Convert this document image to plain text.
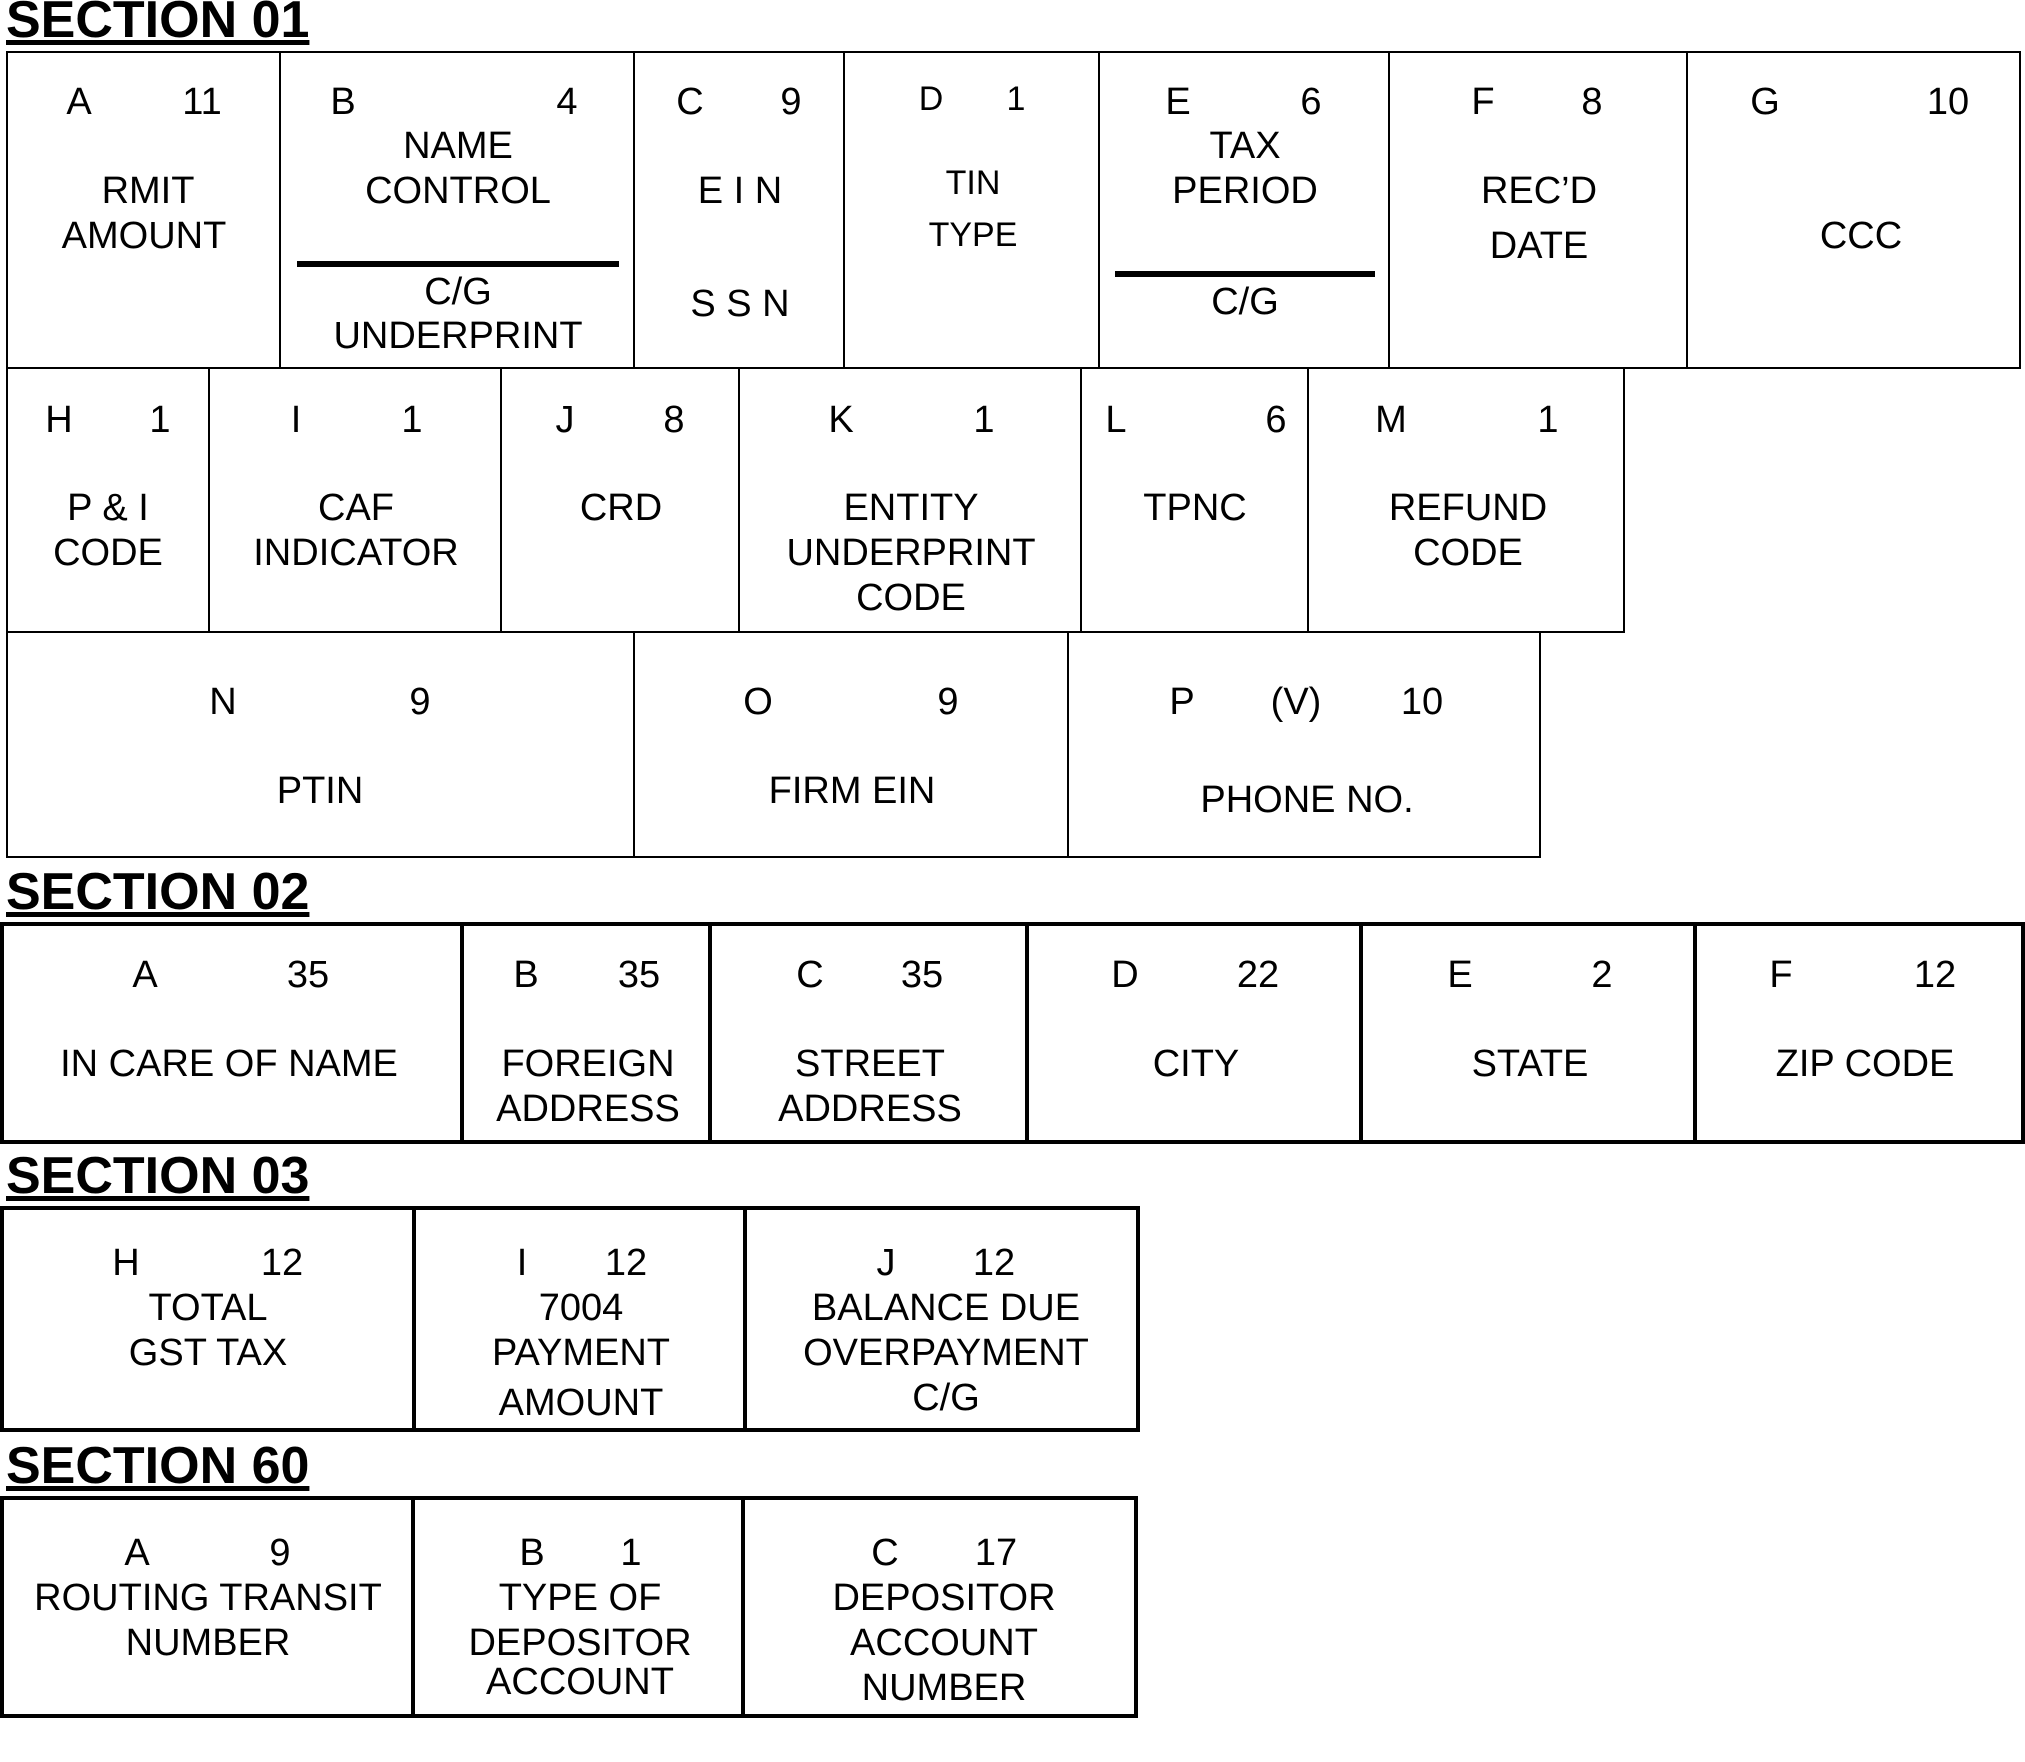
SECTION 01
A 11
RMIT
AMOUNT
B	4
NAME
CONTROL
C/G
UNDERPRINT
C 9
E I N
S S N
D 1
TIN
TYPE
E	6
TAX
PERIOD
C/G
F 8
REC’D
DATE
G	10
CCC
H 1
P & I
CODE
I	1
CAF
INDICATOR
J 8
CRD
K	1
ENTITY
UNDERPRINT
CODE
L	6
TPNC
M	1
REFUND
CODE
N	9
PTIN
O	9
FIRM EIN
P (V) 10
PHONE NO.
SECTION 02
A	35
IN CARE OF NAME
B 35
FOREIGN
ADDRESS
C 35
STREET
ADDRESS
D	22
CITY
E	2
STATE
F	12
ZIP CODE
SECTION 03
H	12
TOTAL
GST TAX
I 12
7004
PAYMENT
AMOUNT
J 12
BALANCE DUE
OVERPAYMENT
C/G
SECTION 60
A	9
ROUTING TRANSIT
NUMBER
B 1
TYPE OF
DEPOSITOR
ACCOUNT
C 17
DEPOSITOR
ACCOUNT
NUMBER
